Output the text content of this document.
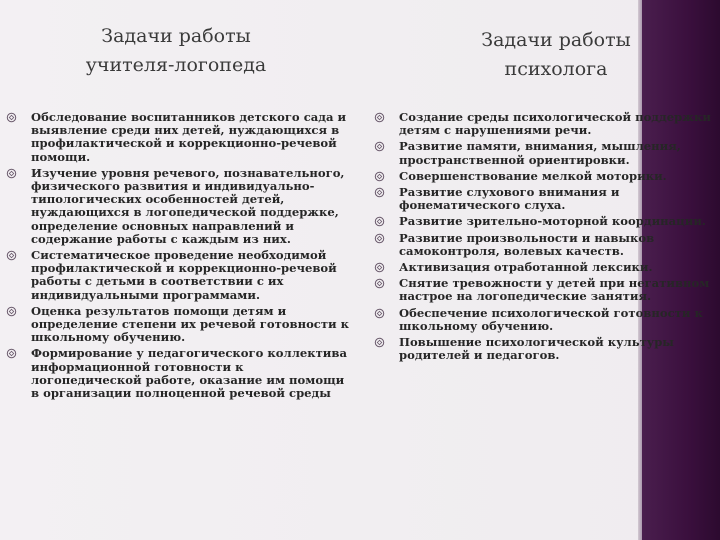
Задачи работы
учителя-логопеда
Обследование воспитанников детского сада и выявление среди них детей, нуждающихся в профилактической и коррекционно-речевой помощи.
Изучение уровня речевого, познавательного, физического развития и индивидуально-типологических особенностей детей, нуждающихся в логопедической поддержке, определение основных направлений и содержание работы с каждым из них.
Систематическое проведение необходимой профилактической и коррекционно-речевой работы с детьми в соответствии с их индивидуальными программами.
Оценка результатов помощи детям и определение степени их речевой готовности к школьному обучению.
Формирование у педагогического коллектива информационной готовности к логопедической работе, оказание им помощи в организации полноценной речевой среды
Задачи работы
психолога
Создание среды психологической поддержки детям с нарушениями речи.
Развитие памяти, внимания, мышления, пространственной ориентировки.
Совершенствование мелкой моторики.
Развитие слухового внимания и фонематического слуха.
Развитие зрительно-моторной координации.
Развитие произвольности и навыков самоконтроля, волевых качеств.
Активизация отработанной лексики.
Снятие тревожности у детей при негативном настрое на логопедические занятия.
Обеспечение психологической готовности к школьному обучению.
Повышение психологической культуры родителей и педагогов.
